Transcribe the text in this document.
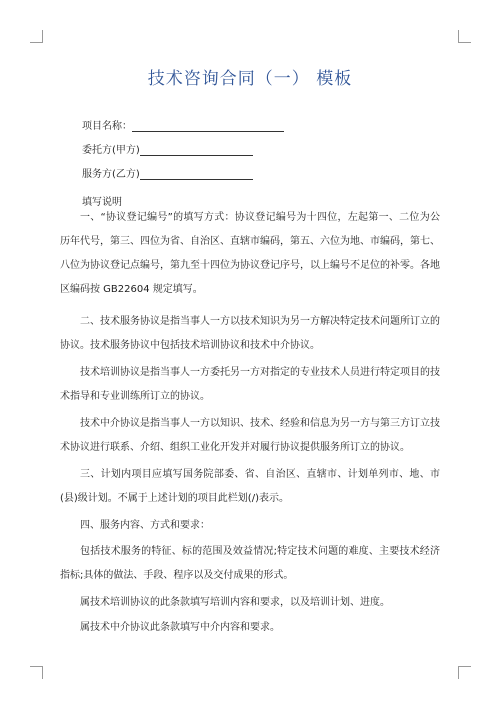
技术咨询合同（一） 模板
项目名称：
委托方(甲方)
服务方(乙方)
填写说明

一、“协议登记编号”的填写方式：协议登记编号为十四位，左起第一、二位为公历年代号，第三、四位为省、自治区、直辖市编码，第五、六位为地、市编码，第七、八位为协议登记点编号，第九至十四位为协议登记序号，以上编号不足位的补零。各地区编码按 GB22604 规定填写。

二、技术服务协议是指当事人一方以技术知识为另一方解决特定技术问题所订立的协议。技术服务协议中包括技术培训协议和技术中介协议。

技术培训协议是指当事人一方委托另一方对指定的专业技术人员进行特定项目的技术指导和专业训练所订立的协议。

技术中介协议是指当事人一方以知识、技术、经验和信息为另一方与第三方订立技术协议进行联系、介绍、组织工业化开发并对履行协议提供服务所订立的协议。

三、计划内项目应填写国务院部委、省、自治区、直辖市、计划单列市、地、市(县)级计划。不属于上述计划的项目此栏划(/)表示。

四、服务内容、方式和要求：

包括技术服务的特征、标的范围及效益情况;特定技术问题的难度、主要技术经济指标;具体的做法、手段、程序以及交付成果的形式。

属技术培训协议的此条款填写培训内容和要求，以及培训计划、进度。

属技术中介协议此条款填写中介内容和要求。
